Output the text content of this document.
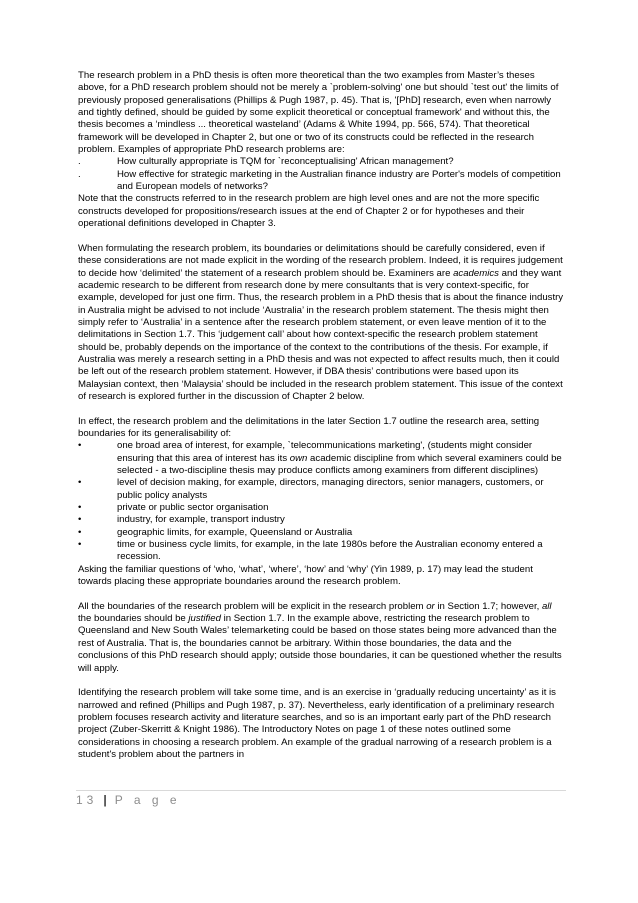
The research problem in a PhD thesis is often more theoretical than the two examples from Master’s theses above, for a PhD research problem should not be merely a `problem-solving' one but should `test out' the limits of previously proposed generalisations (Phillips & Pugh 1987, p. 45). That is, '[PhD] research, even when narrowly and tightly defined, should be guided by some explicit theoretical or conceptual framework' and without this, the thesis becomes a ‘mindless ... theoretical wasteland’ (Adams & White 1994, pp. 566, 574). That theoretical framework will be developed in Chapter 2, but one or two of its constructs could be reflected in the research problem. Examples of appropriate PhD research problems are:

.	How culturally appropriate is TQM for `reconceptualising' African management?
.	How effective for strategic marketing in the Australian finance industry are Porter's models of competition and European models of networks?

Note that the constructs referred to in the research problem are high level ones and are not the more specific constructs developed for propositions/research issues at the end of Chapter 2 or for hypotheses and their operational definitions developed in Chapter 3.

When formulating the research problem, its boundaries or delimitations should be carefully considered, even if these considerations are not made explicit in the wording of the research problem. Indeed, it is requires judgement to decide how ‘delimited’ the statement of a research problem should be. Examiners are academics and they want academic research to be different from research done by mere consultants that is very context-specific, for example, developed for just one firm. Thus, the research problem in a PhD thesis that is about the finance industry in Australia might be advised to not include ‘Australia’ in the research problem statement. The thesis might then simply refer to ‘Australia’ in a sentence after the research problem statement, or even leave mention of it to the delimitations in Section 1.7. This ‘judgement call’ about how context-specific the research problem statement should be, probably depends on the importance of the context to the contributions of the thesis. For example, if Australia was merely a research setting in a PhD thesis and was not expected to affect results much, then it could be left out of the research problem statement. However, if DBA thesis’ contributions were based upon its Malaysian context, then ‘Malaysia’ should be included in the research problem statement. This issue of the context of research is explored further in the discussion of Chapter 2 below.

In effect, the research problem and the delimitations in the later Section 1.7 outline the research area, setting boundaries for its generalisability of:

•	one broad area of interest, for example, `telecommunications marketing', (students might consider ensuring that this area of interest has its own academic discipline from which several examiners could be selected - a two-discipline thesis may produce conflicts among examiners from different disciplines)
•	level of decision making, for example, directors, managing directors, senior managers, customers, or public policy analysts
•	private or public sector organisation
•	industry, for example, transport industry
•	geographic limits, for example, Queensland or Australia
•	time or business cycle limits, for example, in the late 1980s before the Australian economy entered a recession.

Asking the familiar questions of ‘who, ‘what’, ‘where’, ‘how’ and ‘why’ (Yin 1989, p. 17) may lead the student towards placing these appropriate boundaries around the research problem.

All the boundaries of the research problem will be explicit in the research problem or in Section 1.7; however, all the boundaries should be justified in Section 1.7. In the example above, restricting the research problem to Queensland and New South Wales’ telemarketing could be based on those states being more advanced than the rest of Australia. That is, the boundaries cannot be arbitrary. Within those boundaries, the data and the conclusions of this PhD research should apply; outside those boundaries, it can be questioned whether the results will apply.

Identifying the research problem will take some time, and is an exercise in ‘gradually reducing uncertainty’ as it is narrowed and refined (Phillips and Pugh 1987, p. 37). Nevertheless, early identification of a preliminary research problem focuses research activity and literature searches, and so is an important early part of the PhD research project (Zuber-Skerritt & Knight 1986). The Introductory Notes on page 1 of these notes outlined some considerations in choosing a research problem. An example of the gradual narrowing of a research problem is a student's problem about the partners in

13 | P a g e
